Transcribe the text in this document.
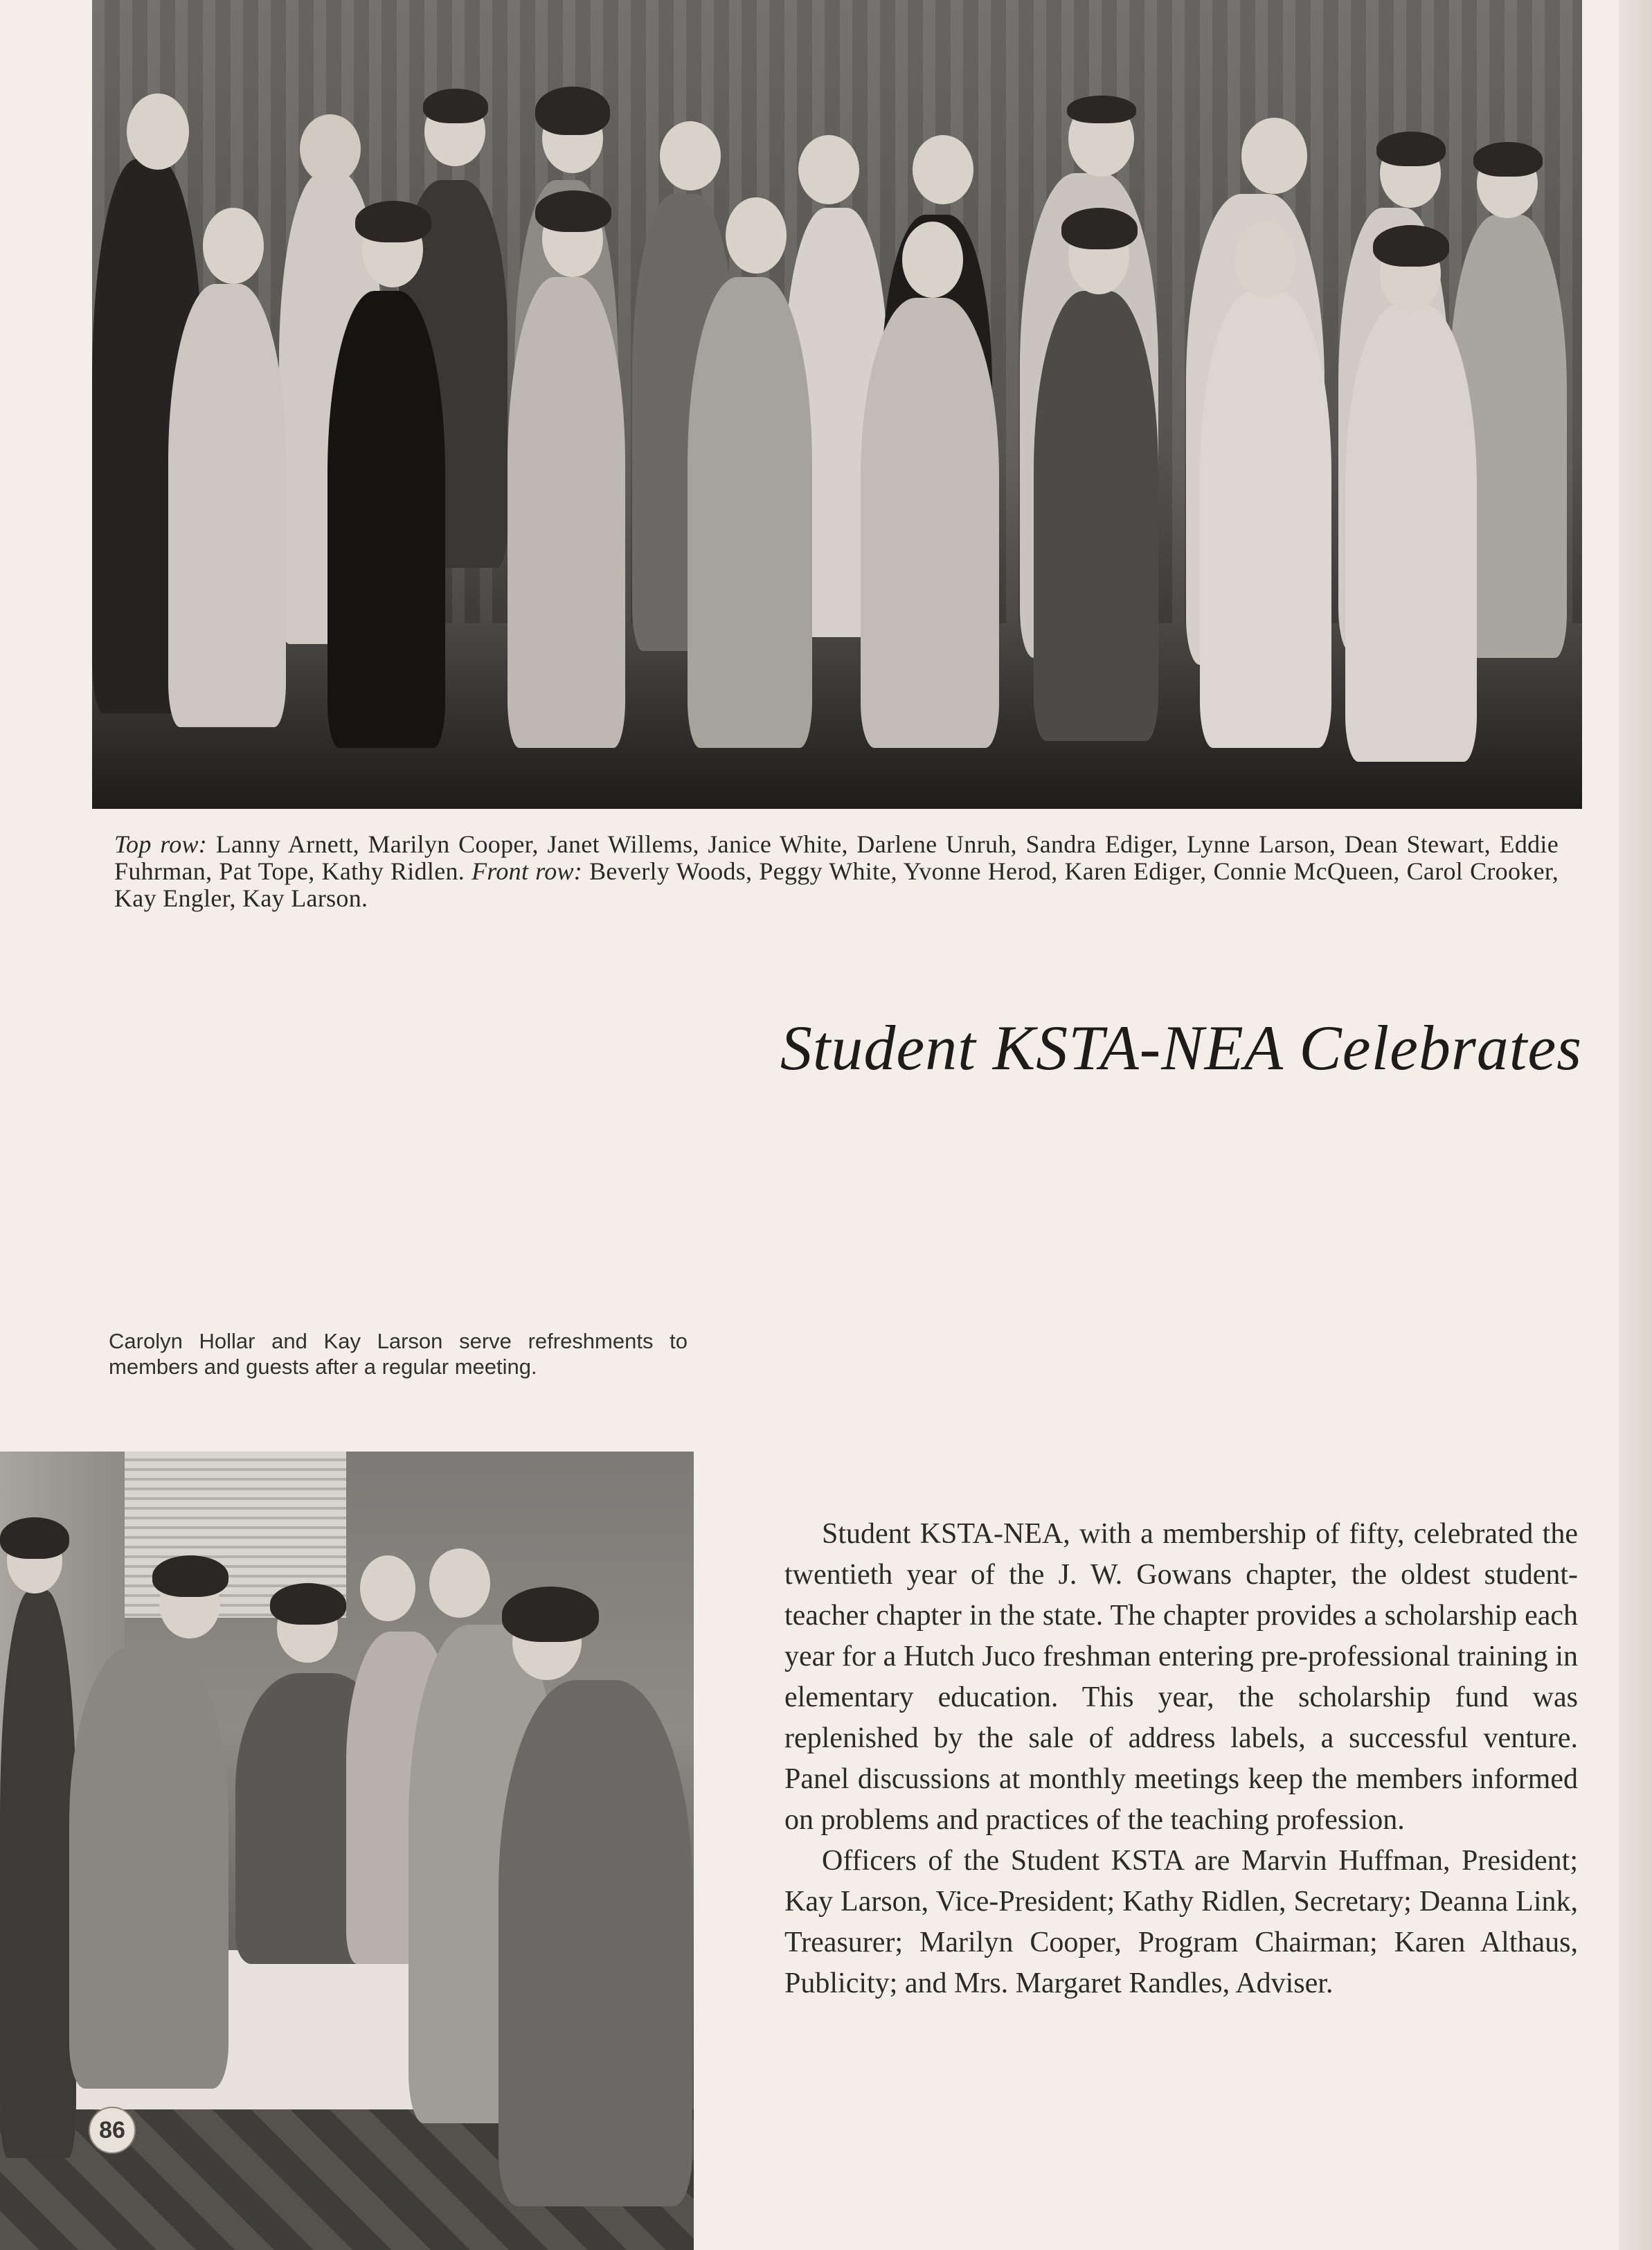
Top row: Lanny Arnett, Marilyn Cooper, Janet Willems, Janice White, Darlene Unruh, Sandra Ediger, Lynne Larson, Dean Stewart, Eddie Fuhrman, Pat Tope, Kathy Ridlen. Front row: Beverly Woods, Peggy White, Yvonne Herod, Karen Ediger, Connie McQueen, Carol Crooker, Kay Engler, Kay Larson.
Student KSTA-NEA Celebrates
Carolyn Hollar and Kay Larson serve refreshments to members and guests after a regular meeting.
86

Student KSTA-NEA, with a membership of fifty, celebrated the twentieth year of the J. W. Gowans chapter, the oldest student-teacher chapter in the state. The chapter provides a scholarship each year for a Hutch Juco freshman entering pre-professional training in elementary education. This year, the scholarship fund was replenished by the sale of address labels, a successful venture. Panel discussions at monthly meetings keep the members informed on problems and practices of the teaching profession.

Officers of the Student KSTA are Marvin Huffman, President; Kay Larson, Vice-President; Kathy Ridlen, Secretary; Deanna Link, Treasurer; Marilyn Cooper, Program Chairman; Karen Althaus, Publicity; and Mrs. Margaret Randles, Adviser.
